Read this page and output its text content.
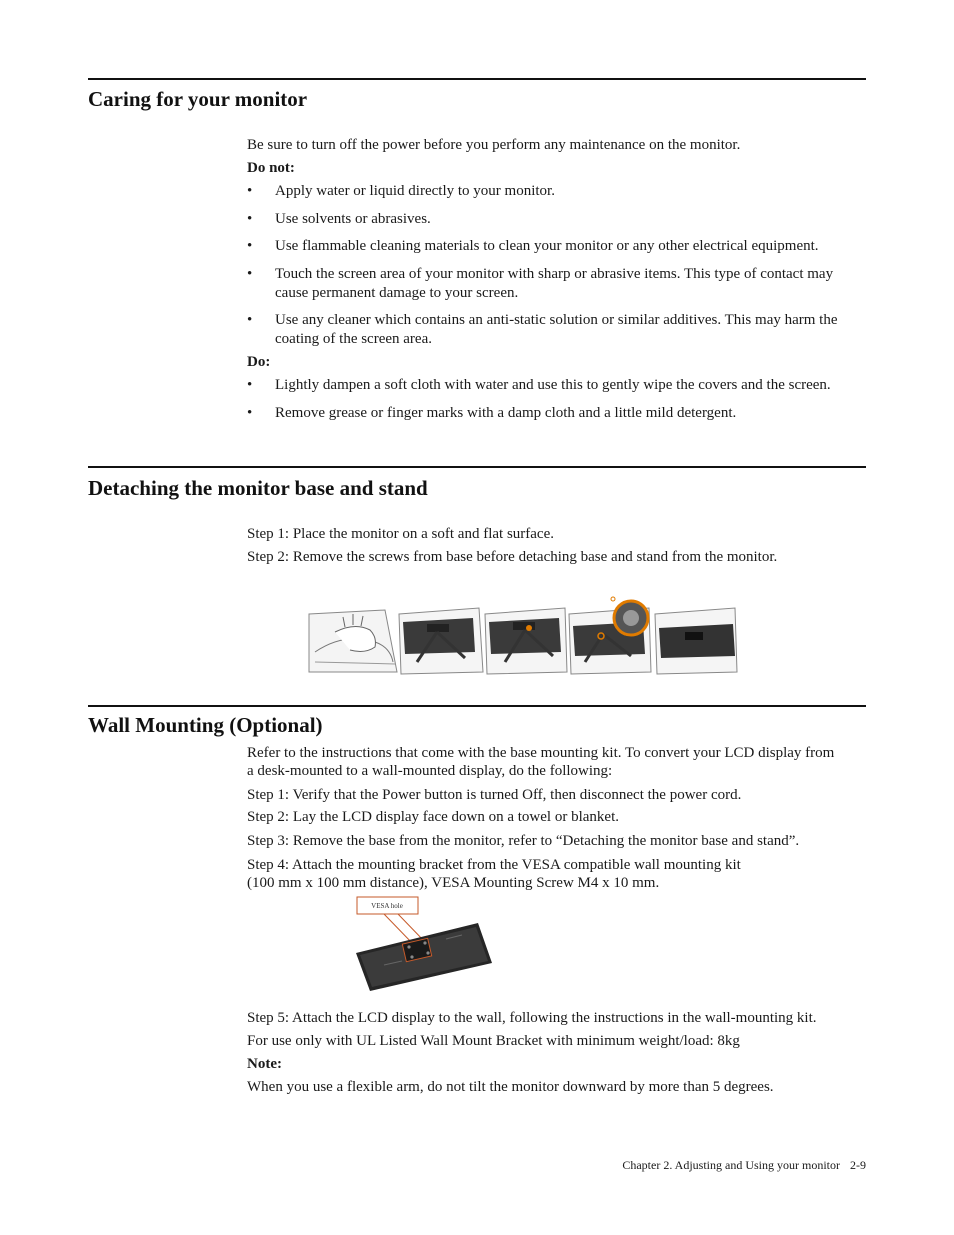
Caring for your monitor
Be sure to turn off the power before you perform any maintenance on the monitor.
Do not:
• Apply water or liquid directly to your monitor.
• Use solvents or abrasives.
• Use flammable cleaning materials to clean your monitor or any other electrical equipment.
• Touch the screen area of your monitor with sharp or abrasive items. This type of contact may cause permanent damage to your screen.
• Use any cleaner which contains an anti-static solution or similar additives. This may harm the coating of the screen area.
Do:
• Lightly dampen a soft cloth with water and use this to gently wipe the covers and the screen.
• Remove grease or finger marks with a damp cloth and a little mild detergent.
Detaching the monitor base and stand
Step 1: Place the monitor on a soft and flat surface.
Step 2: Remove the screws from base before detaching base and stand from the monitor.
Wall Mounting (Optional)
Refer to the instructions that come with the base mounting kit. To convert your LCD display from
a desk-mounted to a wall-mounted display, do the following:
Step 1: Verify that the Power button is turned Off, then disconnect the power cord.
Step 2: Lay the LCD display face down on a towel or blanket.
Step 3: Remove the base from the monitor, refer to “Detaching the monitor base and stand”.
Step 4: Attach the mounting bracket from the VESA compatible wall mounting kit
(100 mm x 100 mm distance), VESA Mounting Screw M4 x 10 mm.
VESA hole
Step 5: Attach the LCD display to the wall, following the instructions in the wall-mounting kit.
For use only with UL Listed Wall Mount Bracket with minimum weight/load: 8kg
Note:
When you use a flexible arm, do not tilt the monitor downward by more than 5 degrees.
Chapter 2. Adjusting and Using your monitor 2-9
